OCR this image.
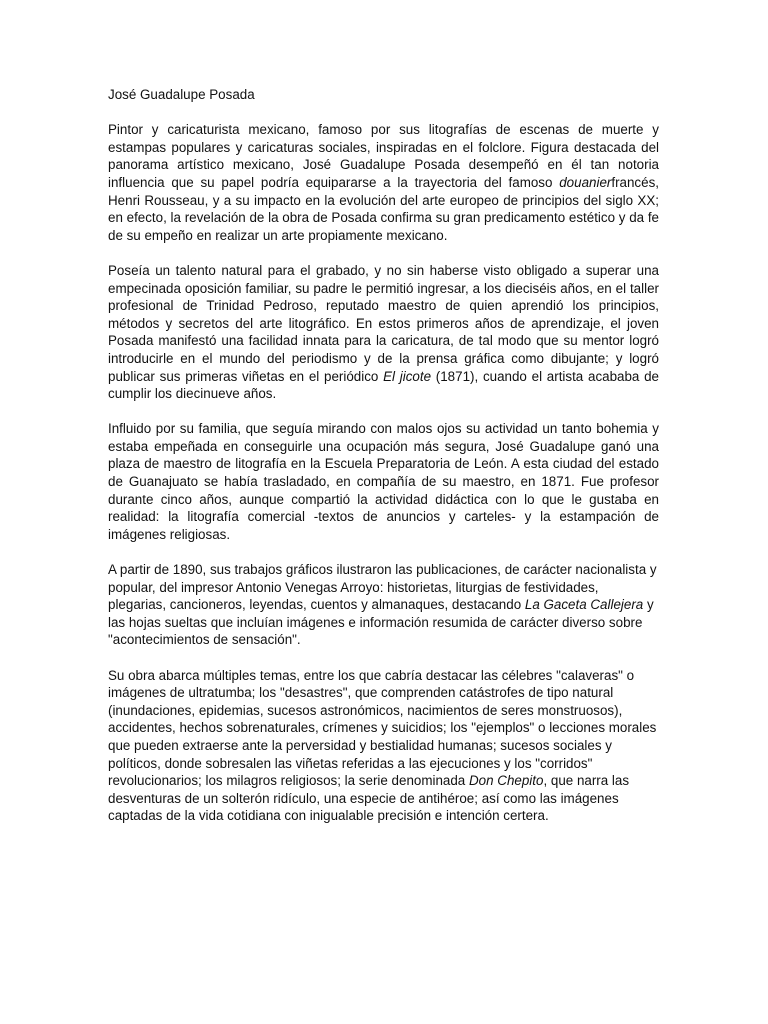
José Guadalupe Posada

Pintor y caricaturista mexicano, famoso por sus litografías de escenas de muerte y estampas populares y caricaturas sociales, inspiradas en el folclore. Figura destacada del panorama artístico mexicano, José Guadalupe Posada desempeñó en él tan notoria influencia que su papel podría equipararse a la trayectoria del famoso douanierfrancés, Henri Rousseau, y a su impacto en la evolución del arte europeo de principios del siglo XX; en efecto, la revelación de la obra de Posada confirma su gran predicamento estético y da fe de su empeño en realizar un arte propiamente mexicano.

Poseía un talento natural para el grabado, y no sin haberse visto obligado a superar una empecinada oposición familiar, su padre le permitió ingresar, a los dieciséis años, en el taller profesional de Trinidad Pedroso, reputado maestro de quien aprendió los principios, métodos y secretos del arte litográfico. En estos primeros años de aprendizaje, el joven Posada manifestó una facilidad innata para la caricatura, de tal modo que su mentor logró introducirle en el mundo del periodismo y de la prensa gráfica como dibujante; y logró publicar sus primeras viñetas en el periódico El jicote (1871), cuando el artista acababa de cumplir los diecinueve años.

Influido por su familia, que seguía mirando con malos ojos su actividad un tanto bohemia y estaba empeñada en conseguirle una ocupación más segura, José Guadalupe ganó una plaza de maestro de litografía en la Escuela Preparatoria de León. A esta ciudad del estado de Guanajuato se había trasladado, en compañía de su maestro, en 1871. Fue profesor durante cinco años, aunque compartió la actividad didáctica con lo que le gustaba en realidad: la litografía comercial -textos de anuncios y carteles- y la estampación de imágenes religiosas.

A partir de 1890, sus trabajos gráficos ilustraron las publicaciones, de carácter nacionalista y popular, del impresor Antonio Venegas Arroyo: historietas, liturgias de festividades, plegarias, cancioneros, leyendas, cuentos y almanaques, destacando La Gaceta Callejera y las hojas sueltas que incluían imágenes e información resumida de carácter diverso sobre "acontecimientos de sensación".

Su obra abarca múltiples temas, entre los que cabría destacar las célebres "calaveras" o imágenes de ultratumba; los "desastres", que comprenden catástrofes de tipo natural (inundaciones, epidemias, sucesos astronómicos, nacimientos de seres monstruosos), accidentes, hechos sobrenaturales, crímenes y suicidios; los "ejemplos" o lecciones morales que pueden extraerse ante la perversidad y bestialidad humanas; sucesos sociales y políticos, donde sobresalen las viñetas referidas a las ejecuciones y los "corridos" revolucionarios; los milagros religiosos; la serie denominada Don Chepito, que narra las desventuras de un solterón ridículo, una especie de antihéroe; así como las imágenes captadas de la vida cotidiana con inigualable precisión e intención certera.
